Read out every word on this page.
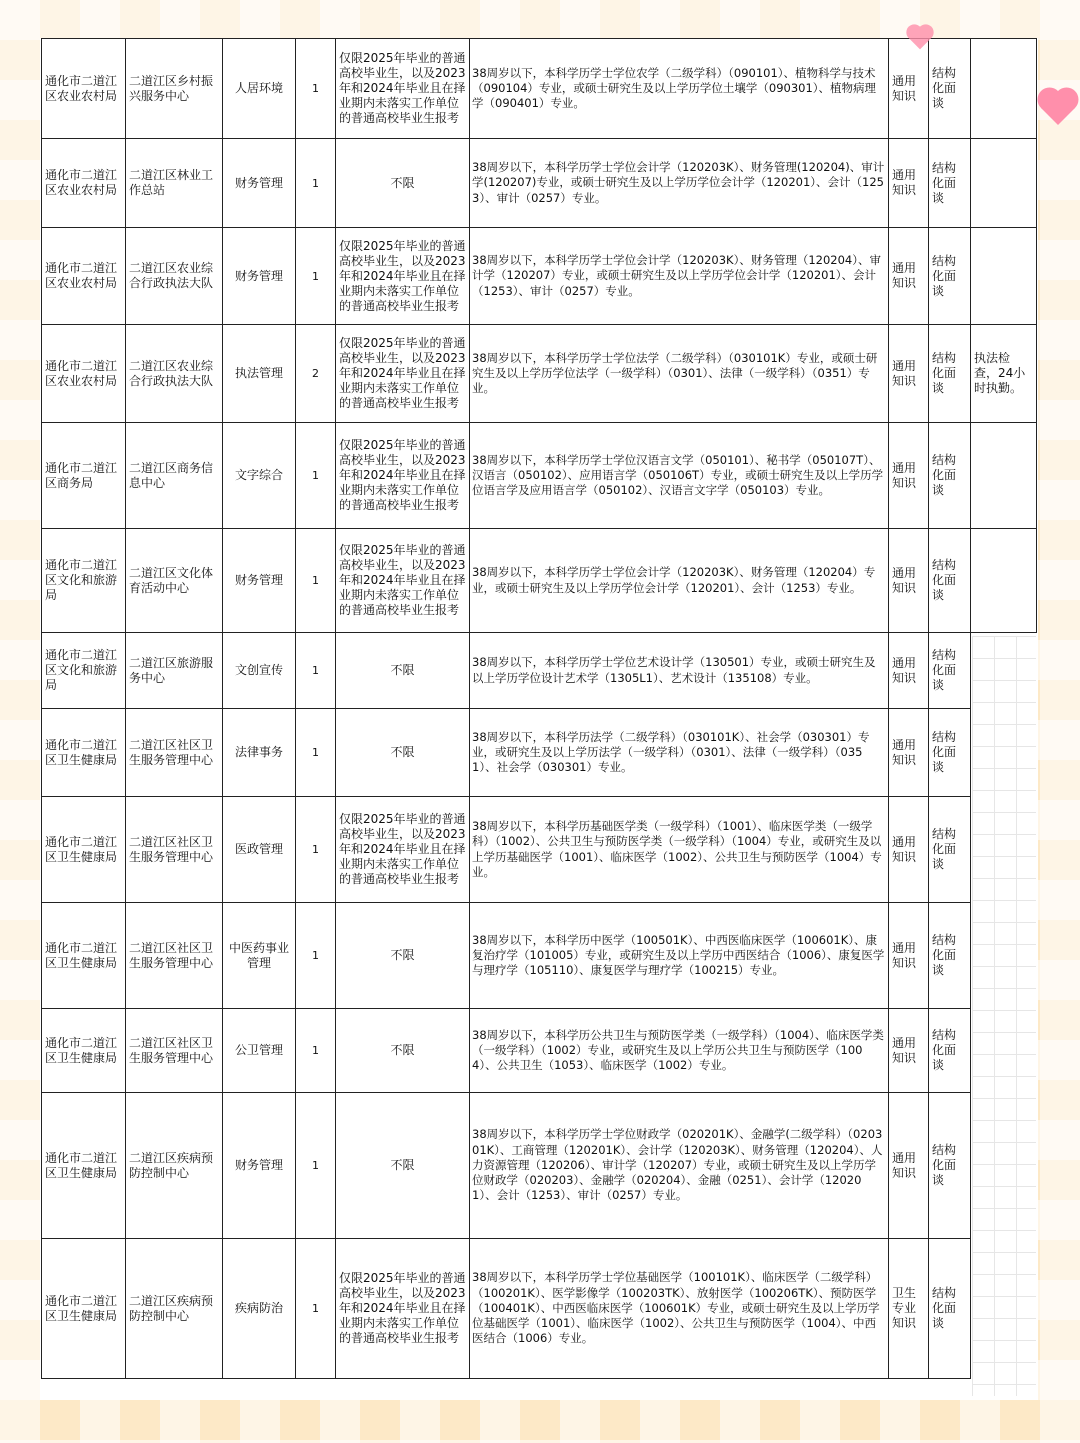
通化市二道江区农业农村局	二道江区乡村振兴服务中心	人居环境	1	仅限2025年毕业的普通高校毕业生，以及2023年和2024年毕业且在择业期内未落实工作单位的普通高校毕业生报考	38周岁以下，本科学历学士学位农学（二级学科）（090101）、植物科学与技术（090104）专业，或硕士研究生及以上学历学位土壤学（090301）、植物病理学（090401）专业。	通用知识	结构化面谈	
通化市二道江区农业农村局	二道江区林业工作总站	财务管理	1	不限	38周岁以下，本科学历学士学位会计学（120203K）、财务管理(120204)、审计学(120207)专业，或硕士研究生及以上学历学位会计学（120201）、会计（1253）、审计（0257）专业。	通用知识	结构化面谈	
通化市二道江区农业农村局	二道江区农业综合行政执法大队	财务管理	1	仅限2025年毕业的普通高校毕业生，以及2023年和2024年毕业且在择业期内未落实工作单位的普通高校毕业生报考	38周岁以下，本科学历学士学位会计学（120203K）、财务管理（120204）、审计学（120207）专业，或硕士研究生及以上学历学位会计学（120201）、会计（1253）、审计（0257）专业。	通用知识	结构化面谈	
通化市二道江区农业农村局	二道江区农业综合行政执法大队	执法管理	2	仅限2025年毕业的普通高校毕业生，以及2023年和2024年毕业且在择业期内未落实工作单位的普通高校毕业生报考	38周岁以下，本科学历学士学位法学（二级学科）（030101K）专业，或硕士研究生及以上学历学位法学（一级学科）（0301）、法律（一级学科）（0351）专业。	通用知识	结构化面谈	执法检查，24小时执勤。
通化市二道江区商务局	二道江区商务信息中心	文字综合	1	仅限2025年毕业的普通高校毕业生，以及2023年和2024年毕业且在择业期内未落实工作单位的普通高校毕业生报考	38周岁以下，本科学历学士学位汉语言文学（050101）、秘书学（050107T）、汉语言（050102）、应用语言学（050106T）专业，或硕士研究生及以上学历学位语言学及应用语言学（050102）、汉语言文字学（050103）专业。	通用知识	结构化面谈	
通化市二道江区文化和旅游局	二道江区文化体育活动中心	财务管理	1	仅限2025年毕业的普通高校毕业生，以及2023年和2024年毕业且在择业期内未落实工作单位的普通高校毕业生报考	38周岁以下，本科学历学士学位会计学（120203K）、财务管理（120204）专业，或硕士研究生及以上学历学位会计学（120201）、会计（1253）专业。	通用知识	结构化面谈	
通化市二道江区文化和旅游局	二道江区旅游服务中心	文创宣传	1	不限	38周岁以下，本科学历学士学位艺术设计学（130501）专业，或硕士研究生及以上学历学位设计艺术学（1305L1）、艺术设计（135108）专业。	通用知识	结构化面谈	
通化市二道江区卫生健康局	二道江区社区卫生服务管理中心	法律事务	1	不限	38周岁以下，本科学历法学（二级学科）（030101K）、社会学（030301）专业，或研究生及以上学历法学（一级学科）（0301）、法律（一级学科）（0351）、社会学（030301）专业。	通用知识	结构化面谈	
通化市二道江区卫生健康局	二道江区社区卫生服务管理中心	医政管理	1	仅限2025年毕业的普通高校毕业生，以及2023年和2024年毕业且在择业期内未落实工作单位的普通高校毕业生报考	38周岁以下，本科学历基础医学类（一级学科）（1001）、临床医学类（一级学科）（1002）、公共卫生与预防医学类（一级学科）（1004）专业，或研究生及以上学历基础医学（1001）、临床医学（1002）、公共卫生与预防医学（1004）专业。	通用知识	结构化面谈	
通化市二道江区卫生健康局	二道江区社区卫生服务管理中心	中医药事业管理	1	不限	38周岁以下，本科学历中医学（100501K）、中西医临床医学（100601K）、康复治疗学（101005）专业，或研究生及以上学历中西医结合（1006）、康复医学与理疗学（105110）、康复医学与理疗学（100215）专业。	通用知识	结构化面谈	
通化市二道江区卫生健康局	二道江区社区卫生服务管理中心	公卫管理	1	不限	38周岁以下，本科学历公共卫生与预防医学类（一级学科）（1004）、临床医学类（一级学科）（1002）专业，或研究生及以上学历公共卫生与预防医学（1004）、公共卫生（1053）、临床医学（1002）专业。	通用知识	结构化面谈	
通化市二道江区卫生健康局	二道江区疾病预防控制中心	财务管理	1	不限	38周岁以下，本科学历学士学位财政学（020201K）、金融学(二级学科）（020301K）、工商管理（120201K）、会计学（120203K）、财务管理（120204）、人力资源管理（120206）、审计学（120207）专业，或硕士研究生及以上学历学位财政学（020203）、金融学（020204）、金融（0251）、会计学（120201）、会计（1253）、审计（0257）专业。	通用知识	结构化面谈	
通化市二道江区卫生健康局	二道江区疾病预防控制中心	疾病防治	1	仅限2025年毕业的普通高校毕业生，以及2023年和2024年毕业且在择业期内未落实工作单位的普通高校毕业生报考	38周岁以下，本科学历学士学位基础医学（100101K）、临床医学（二级学科）（100201K）、医学影像学（100203TK）、放射医学（100206TK）、预防医学（100401K）、中西医临床医学（100601K）专业，或硕士研究生及以上学历学位基础医学（1001）、临床医学（1002）、公共卫生与预防医学（1004）、中西医结合（1006）专业。	卫生专业知识	结构化面谈	
